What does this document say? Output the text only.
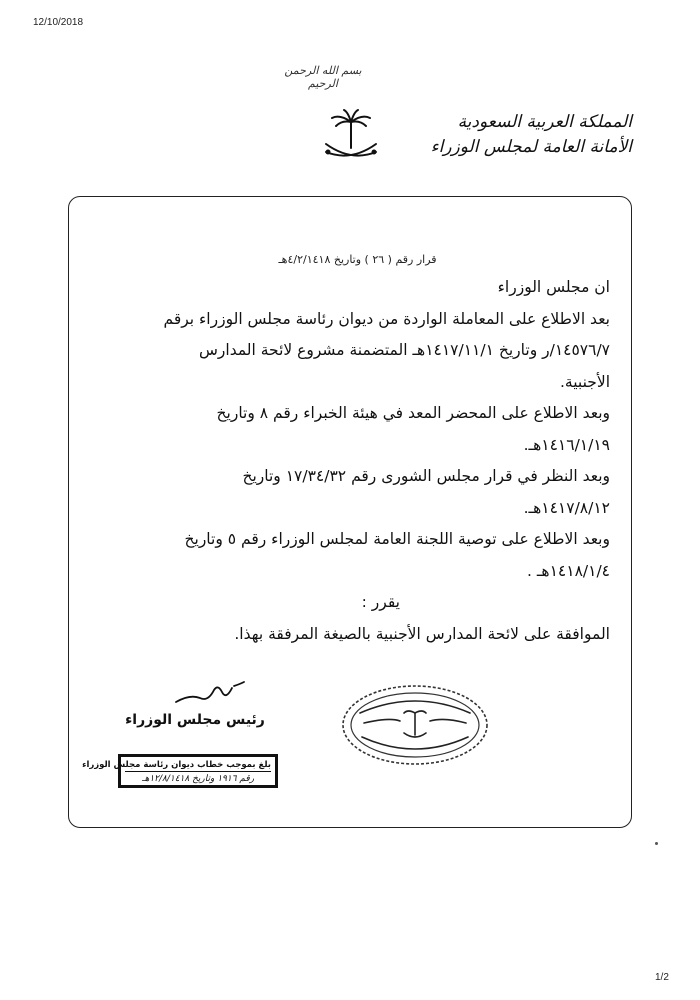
12/10/2018
بسم الله الرحمن الرحيم
المملكة العربية السعودية
الأمانة العامة لمجلس الوزراء
قرار رقم ( ٢٦ ) وتاريخ ٤/٢/١٤١٨هـ

ان مجلس الوزراء

بعد الاطلاع على المعاملة الواردة من ديوان رئاسة مجلس الوزراء برقم

١٤٥٧٦/٧/ر وتاريخ ١٤١٧/١١/١هـ المتضمنة مشروع لائحة المدارس

الأجنبية.

وبعد الاطلاع على المحضر المعد في هيئة الخبراء رقم ٨ وتاريخ

١٤١٦/١/١٩هـ.

وبعد النظر في قرار مجلس الشورى رقم ١٧/٣٤/٣٢ وتاريخ

١٤١٧/٨/١٢هـ.

وبعد الاطلاع على توصية اللجنة العامة لمجلس الوزراء رقم ٥ وتاريخ

١٤١٨/١/٤هـ .

يقرر :

الموافقة على لائحة المدارس الأجنبية بالصيغة المرفقة بهذا.

رئيس مجلس الوزراء
بلغ بموجب خطاب ديوان رئاسة مجلس الوزراء
رقم ١٩١٦ وتاريخ ١٢/٨/١٤١٨هـ
1/2
